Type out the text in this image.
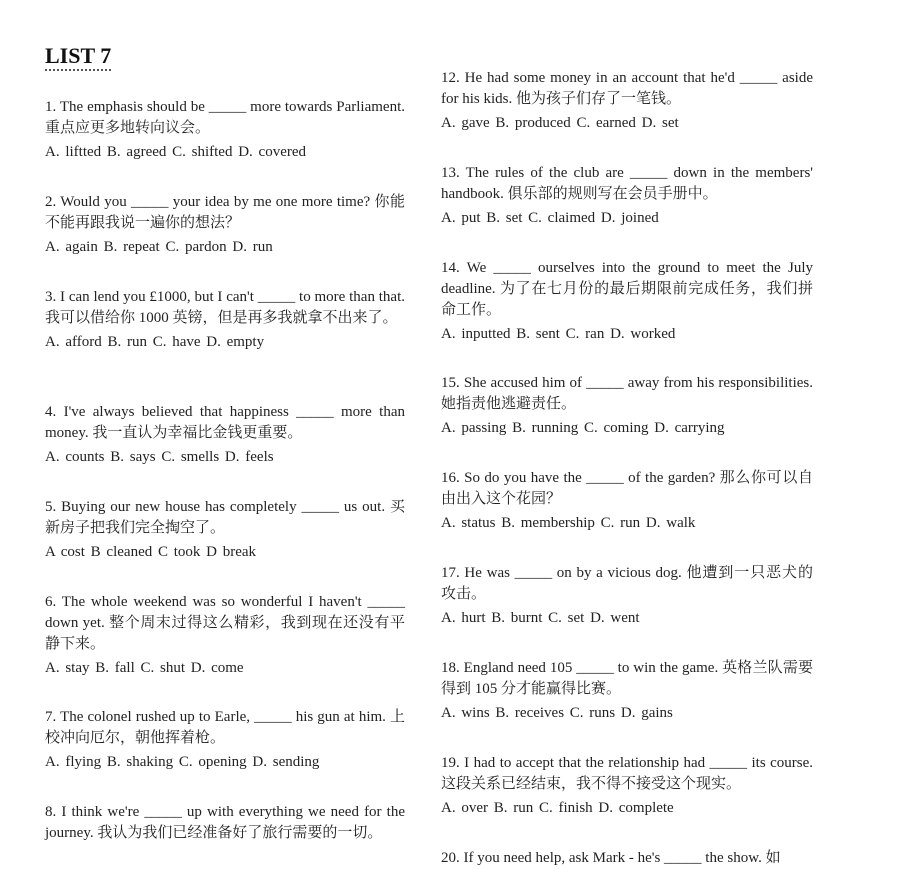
LIST 7

1. The emphasis should be _____ more towards Parliament. 重点应更多地转向议会。

A. liftted B. agreed C. shifted D. covered

2. Would you _____ your idea by me one more time? 你能不能再跟我说一遍你的想法？

A. again B. repeat C. pardon D. run

3. I can lend you £1000, but I can't _____ to more than that. 我可以借给你 1000 英镑，但是再多我就拿不出来了。

A. afford B. run C. have D. empty

4. I've always believed that happiness _____ more than money. 我一直认为幸福比金钱更重要。

A. counts B. says C. smells D. feels

5. Buying our new house has completely _____ us out. 买新房子把我们完全掏空了。

A cost B cleaned C took D break

6. The whole weekend was so wonderful I haven't _____ down yet. 整个周末过得这么精彩，我到现在还没有平静下来。

A. stay B. fall C. shut D. come

7. The colonel rushed up to Earle, _____ his gun at him. 上校冲向厄尔，朝他挥着枪。

A. flying B. shaking C. opening D. sending

8. I think we're _____ up with everything we need for the journey. 我认为我们已经准备好了旅行需要的一切。

12. He had some money in an account that he'd _____ aside for his kids. 他为孩子们存了一笔钱。

A. gave B. produced C. earned D. set

13. The rules of the club are _____ down in the members' handbook. 俱乐部的规则写在会员手册中。

A. put B. set C. claimed D. joined

14. We _____ ourselves into the ground to meet the July deadline. 为了在七月份的最后期限前完成任务，我们拼命工作。

A. inputted B. sent C. ran D. worked

15. She accused him of _____ away from his responsibilities. 她指责他逃避责任。

A. passing B. running C. coming D. carrying

16. So do you have the _____ of the garden? 那么你可以自由出入这个花园？

A. status B. membership C. run D. walk

17. He was _____ on by a vicious dog. 他遭到一只恶犬的攻击。

A. hurt B. burnt C. set D. went

18. England need 105 _____ to win the game. 英格兰队需要得到 105 分才能赢得比赛。

A. wins B. receives C. runs D. gains

19. I had to accept that the relationship had _____ its course. 这段关系已经结束，我不得不接受这个现实。

A. over B. run C. finish D. complete

20. If you need help, ask Mark - he's _____ the show. 如
